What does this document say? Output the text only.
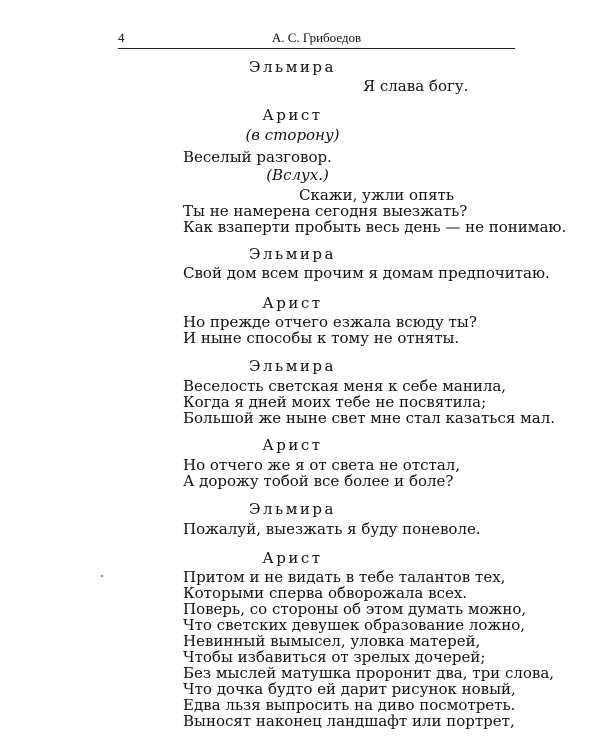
4	А. С. Грибоедов
Эльмира
Я слава богу.
Арист
(в сторону)
Веселый разговор.
(Вслух.)
Скажи, ужли опять
Ты не намерена сегодня выезжать?
Как взаперти пробыть весь день — не понимаю.
Эльмира
Свой дом всем прочим я домам предпочитаю.
Арист
Но прежде отчего езжала всюду ты?
И ныне способы к тому не отняты.
Эльмира
Веселость светская меня к себе манила,
Когда я дней моих тебе не посвятила;
Большой же ныне свет мне стал казаться мал.
Арист
Но отчего же я от света не отстал,
А дорожу тобой все более и боле?
Эльмира
Пожалуй, выезжать я буду поневоле.
Арист
Притом и не видать в тебе талантов тех,
Которыми сперва обворожала всех.
Поверь, со стороны об этом думать можно,
Что светских девушек образование ложно,
Невинный вымысел, уловка матерей,
Чтобы избавиться от зрелых дочерей;
Без мыслей матушка проронит два, три слова,
Что дочка будто ей дарит рисунок новый,
Едва льзя выпросить на диво посмотреть.
Выносят наконец ландшафт или портрет,
